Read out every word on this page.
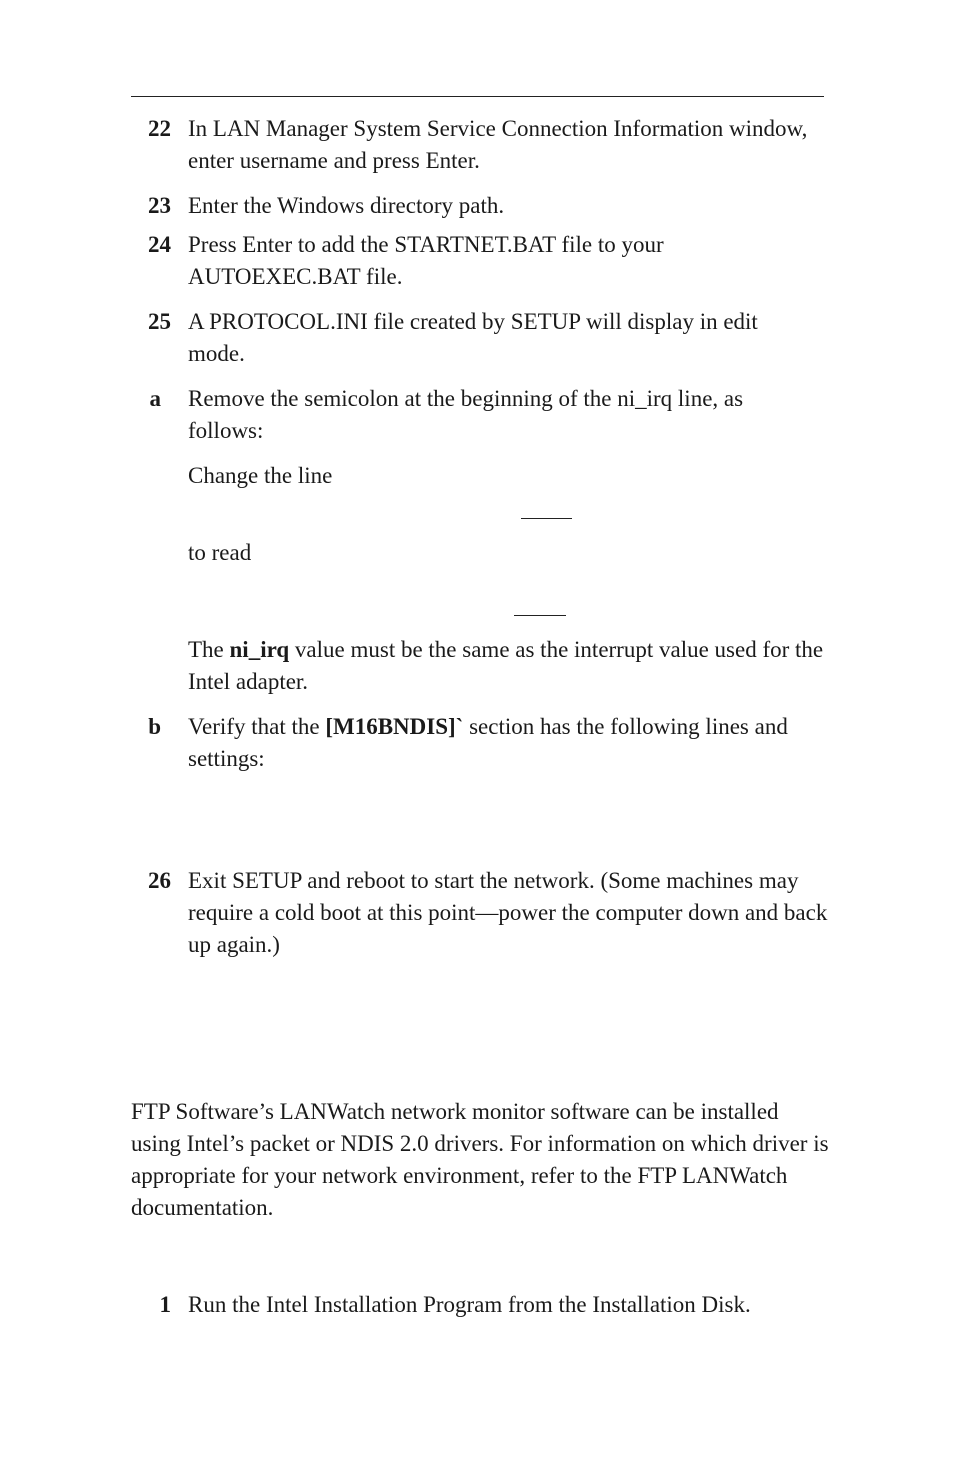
22 In LAN Manager System Service Connection Information window, enter username and press Enter.
23 Enter the Windows directory path.
24 Press Enter to add the STARTNET.BAT file to your AUTOEXEC.BAT file.
25 A PROTOCOL.INI file created by SETUP will display in edit mode.
a Remove the semicolon at the beginning of the ni_irq line, as follows:
Change the line
to read
The ni_irq value must be the same as the interrupt value used for the Intel adapter.
b Verify that the [M16BNDIS]` section has the following lines and settings:
26 Exit SETUP and reboot to start the network. (Some machines may require a cold boot at this point—power the computer down and back up again.)
FTP Software’s LANWatch network monitor software can be installed using Intel’s packet or NDIS 2.0 drivers. For information on which driver is appropriate for your network environment, refer to the FTP LANWatch documentation.
1 Run the Intel Installation Program from the Installation Disk.
